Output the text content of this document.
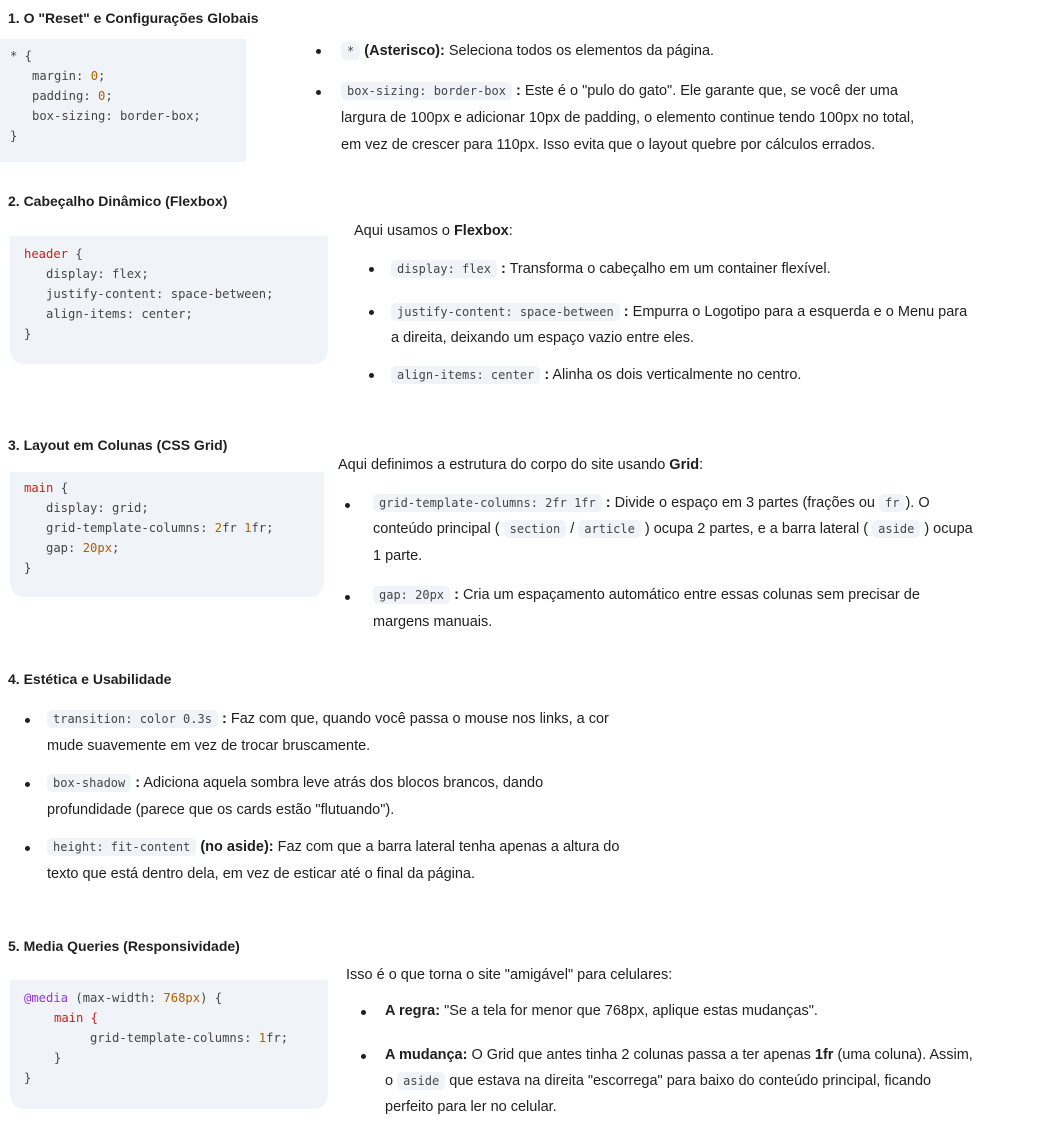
1. O "Reset" e Configurações Globais
* {
margin: 0;
padding: 0;
box-sizing: border-box;
}
* (Asterisco): Seleciona todos os elementos da página.
box-sizing: border-box : Este é o "pulo do gato". Ele garante que, se você der uma
largura de 100px e adicionar 10px de padding, o elemento continue tendo 100px no total,
em vez de crescer para 110px. Isso evita que o layout quebre por cálculos errados.
2. Cabeçalho Dinâmico (Flexbox)
header {
display: flex;
justify-content: space-between;
align-items: center;
}
Aqui usamos o Flexbox:
display: flex : Transforma o cabeçalho em um container flexível.
justify-content: space-between : Empurra o Logotipo para a esquerda e o Menu para
a direita, deixando um espaço vazio entre eles.
align-items: center : Alinha os dois verticalmente no centro.
3. Layout em Colunas (CSS Grid)
main {
display: grid;
grid-template-columns: 2fr 1fr;
gap: 20px;
}
Aqui definimos a estrutura do corpo do site usando Grid:
grid-template-columns: 2fr 1fr : Divide o espaço em 3 partes (frações ou fr ). O
conteúdo principal ( section / article ) ocupa 2 partes, e a barra lateral ( aside ) ocupa
1 parte.
gap: 20px : Cria um espaçamento automático entre essas colunas sem precisar de
margens manuais.
4. Estética e Usabilidade
transition: color 0.3s : Faz com que, quando você passa o mouse nos links, a cor
mude suavemente em vez de trocar bruscamente.
box-shadow : Adiciona aquela sombra leve atrás dos blocos brancos, dando
profundidade (parece que os cards estão "flutuando").
height: fit-content (no aside): Faz com que a barra lateral tenha apenas a altura do
texto que está dentro dela, em vez de esticar até o final da página.
5. Media Queries (Responsividade)
@media (max-width: 768px) {
main {
grid-template-columns: 1fr;
}
}
Isso é o que torna o site "amigável" para celulares:
A regra: "Se a tela for menor que 768px, aplique estas mudanças".
A mudança: O Grid que antes tinha 2 colunas passa a ter apenas 1fr (uma coluna). Assim,
o aside que estava na direita "escorrega" para baixo do conteúdo principal, ficando
perfeito para ler no celular.
